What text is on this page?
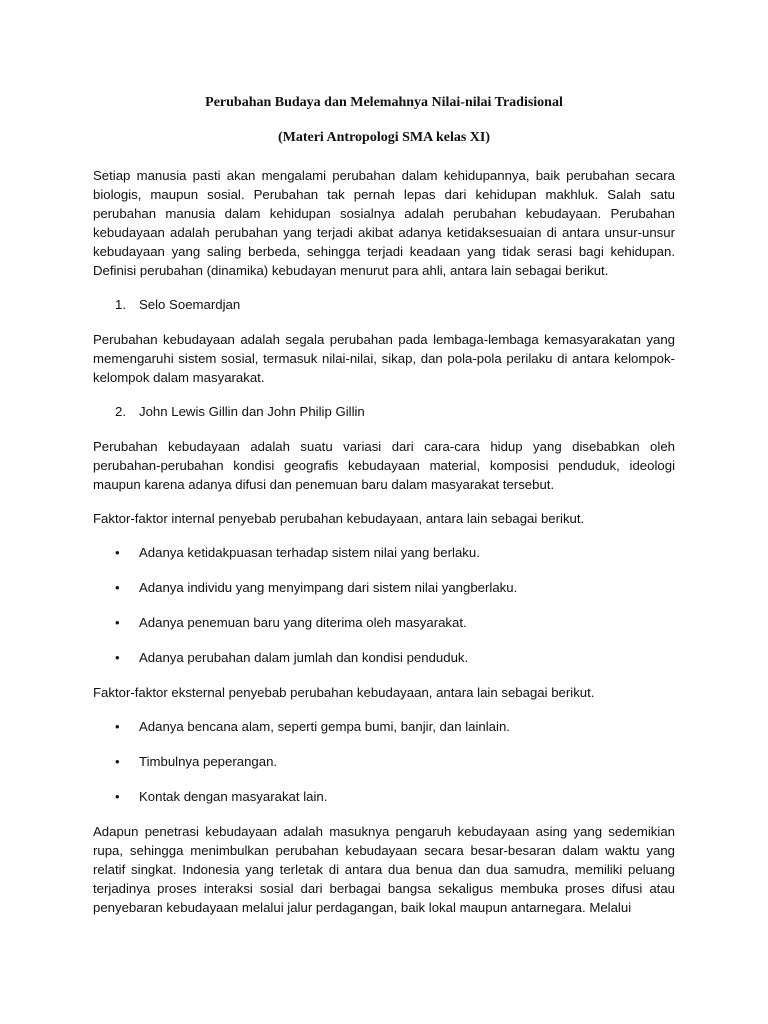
Perubahan Budaya dan Melemahnya Nilai-nilai Tradisional
(Materi Antropologi SMA kelas XI)

Setiap manusia pasti akan mengalami perubahan dalam kehidupannya, baik perubahan secara biologis, maupun sosial. Perubahan tak pernah lepas dari kehidupan makhluk. Salah satu perubahan manusia dalam kehidupan sosialnya adalah perubahan kebudayaan. Perubahan kebudayaan adalah perubahan yang terjadi akibat adanya ketidaksesuaian di antara unsur-unsur kebudayaan yang saling berbeda, sehingga terjadi keadaan yang tidak serasi bagi kehidupan. Definisi perubahan (dinamika) kebudayan menurut para ahli, antara lain sebagai berikut.

1. Selo Soemardjan

Perubahan kebudayaan adalah segala perubahan pada lembaga-lembaga kemasyarakatan yang memengaruhi sistem sosial, termasuk nilai-nilai, sikap, dan pola-pola perilaku di antara kelompok-kelompok dalam masyarakat.

2. John Lewis Gillin dan John Philip Gillin

Perubahan kebudayaan adalah suatu variasi dari cara-cara hidup yang disebabkan oleh perubahan-perubahan kondisi geografis kebudayaan material, komposisi penduduk, ideologi maupun karena adanya difusi dan penemuan baru dalam masyarakat tersebut.

Faktor-faktor internal penyebab perubahan kebudayaan, antara lain sebagai berikut.

• Adanya ketidakpuasan terhadap sistem nilai yang berlaku.
• Adanya individu yang menyimpang dari sistem nilai yangberlaku.
• Adanya penemuan baru yang diterima oleh masyarakat.
• Adanya perubahan dalam jumlah dan kondisi penduduk.

Faktor-faktor eksternal penyebab perubahan kebudayaan, antara lain sebagai berikut.

• Adanya bencana alam, seperti gempa bumi, banjir, dan lainlain.
• Timbulnya peperangan.
• Kontak dengan masyarakat lain.

Adapun penetrasi kebudayaan adalah masuknya pengaruh kebudayaan asing yang sedemikian rupa, sehingga menimbulkan perubahan kebudayaan secara besar-besaran dalam waktu yang relatif singkat. Indonesia yang terletak di antara dua benua dan dua samudra, memiliki peluang terjadinya proses interaksi sosial dari berbagai bangsa sekaligus membuka proses difusi atau penyebaran kebudayaan melalui jalur perdagangan, baik lokal maupun antarnegara. Melalui
